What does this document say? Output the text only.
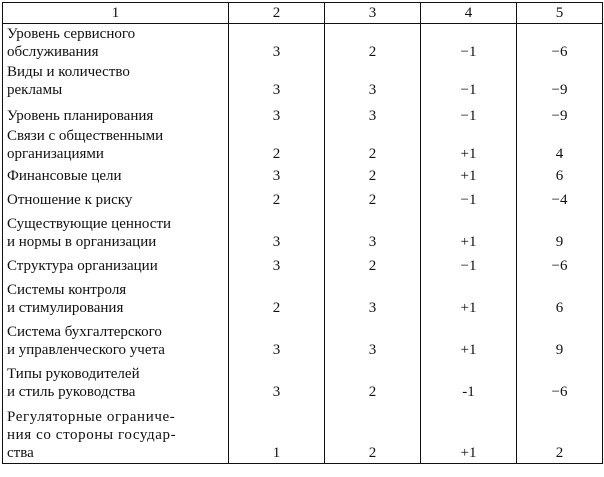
1	2	3	4	5

Уровень сервисного
обслуживания	3	2	−1	−6

Виды и количество
рекламы	3	3	−1	−9

Уровень планирования	3	3	−1	−9

Связи с общественными
организациями	2	2	+1	4

Финансовые цели	3	2	+1	6

Отношение к риску	2	2	−1	−4

Существующие ценности
и нормы в организации	3	3	+1	9

Структура организации	3	2	−1	−6

Системы контроля
и стимулирования	2	3	+1	6

Система бухгалтерского
и управленческого учета	3	3	+1	9

Типы руководителей
и стиль руководства	3	2	-1	−6

Регуляторные ограниче-
ния со стороны государ-
ства	1	2	+1	2
